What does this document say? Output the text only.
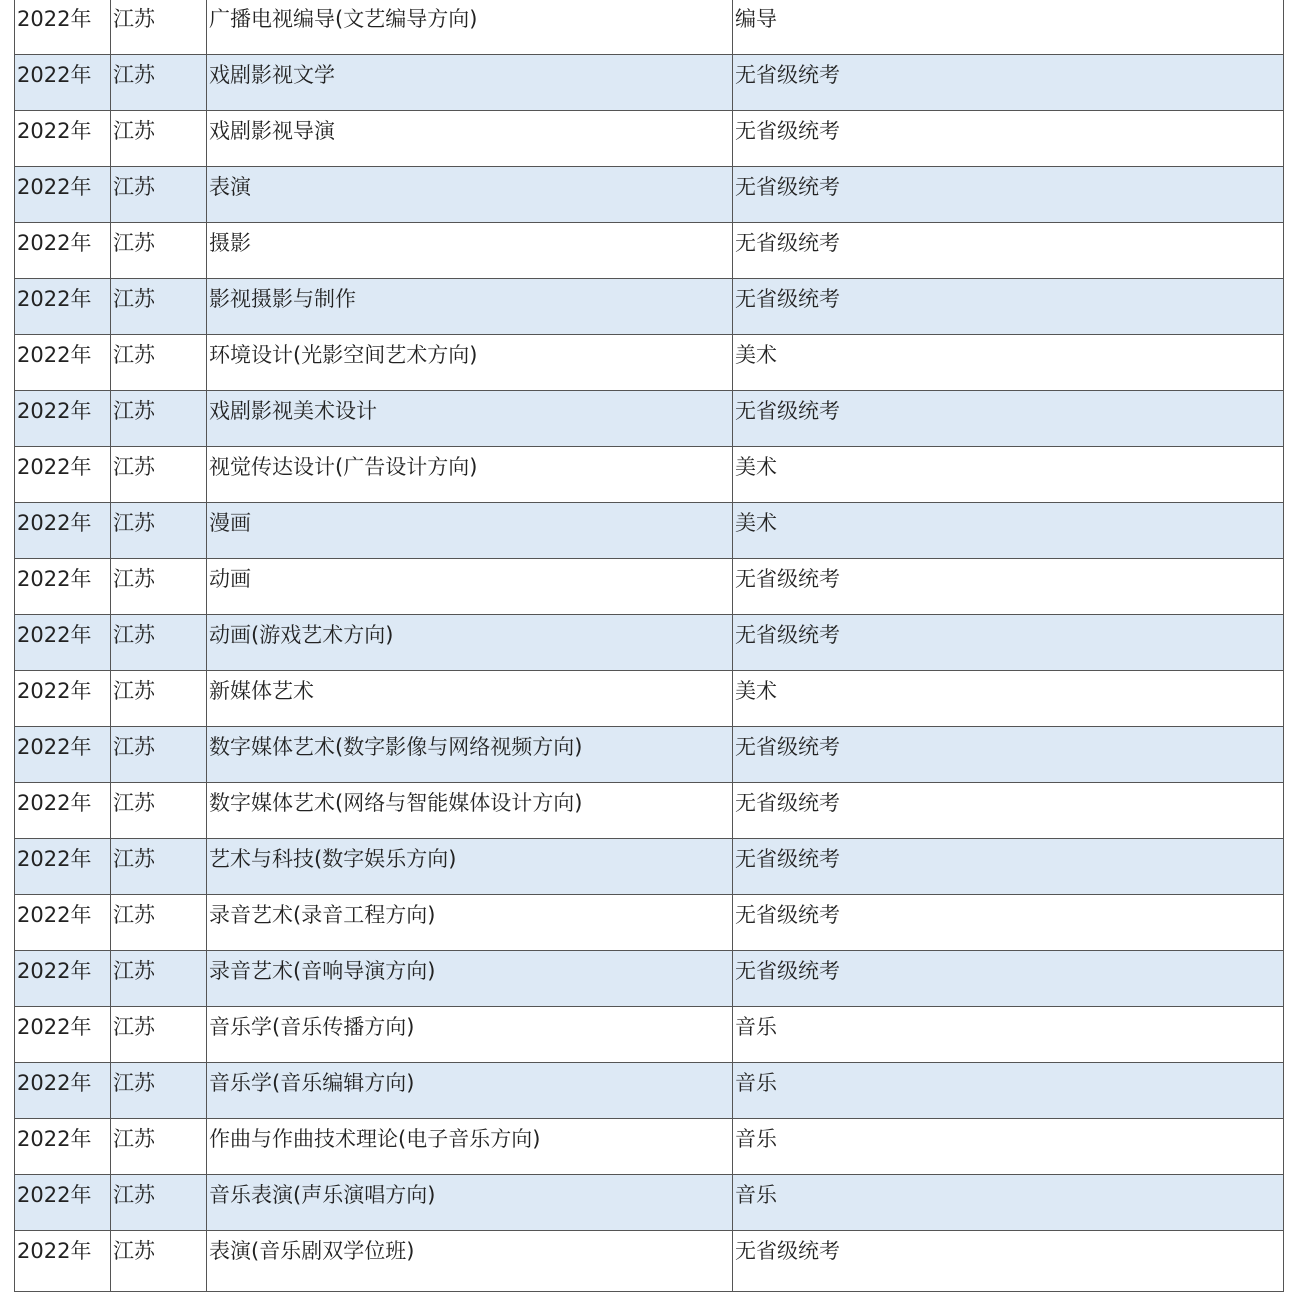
2022年	江苏	广播电视编导(文艺编导方向)	编导
2022年	江苏	戏剧影视文学	无省级统考
2022年	江苏	戏剧影视导演	无省级统考
2022年	江苏	表演	无省级统考
2022年	江苏	摄影	无省级统考
2022年	江苏	影视摄影与制作	无省级统考
2022年	江苏	环境设计(光影空间艺术方向)	美术
2022年	江苏	戏剧影视美术设计	无省级统考
2022年	江苏	视觉传达设计(广告设计方向)	美术
2022年	江苏	漫画	美术
2022年	江苏	动画	无省级统考
2022年	江苏	动画(游戏艺术方向)	无省级统考
2022年	江苏	新媒体艺术	美术
2022年	江苏	数字媒体艺术(数字影像与网络视频方向)	无省级统考
2022年	江苏	数字媒体艺术(网络与智能媒体设计方向)	无省级统考
2022年	江苏	艺术与科技(数字娱乐方向)	无省级统考
2022年	江苏	录音艺术(录音工程方向)	无省级统考
2022年	江苏	录音艺术(音响导演方向)	无省级统考
2022年	江苏	音乐学(音乐传播方向)	音乐
2022年	江苏	音乐学(音乐编辑方向)	音乐
2022年	江苏	作曲与作曲技术理论(电子音乐方向)	音乐
2022年	江苏	音乐表演(声乐演唱方向)	音乐
2022年	江苏	表演(音乐剧双学位班)	无省级统考
